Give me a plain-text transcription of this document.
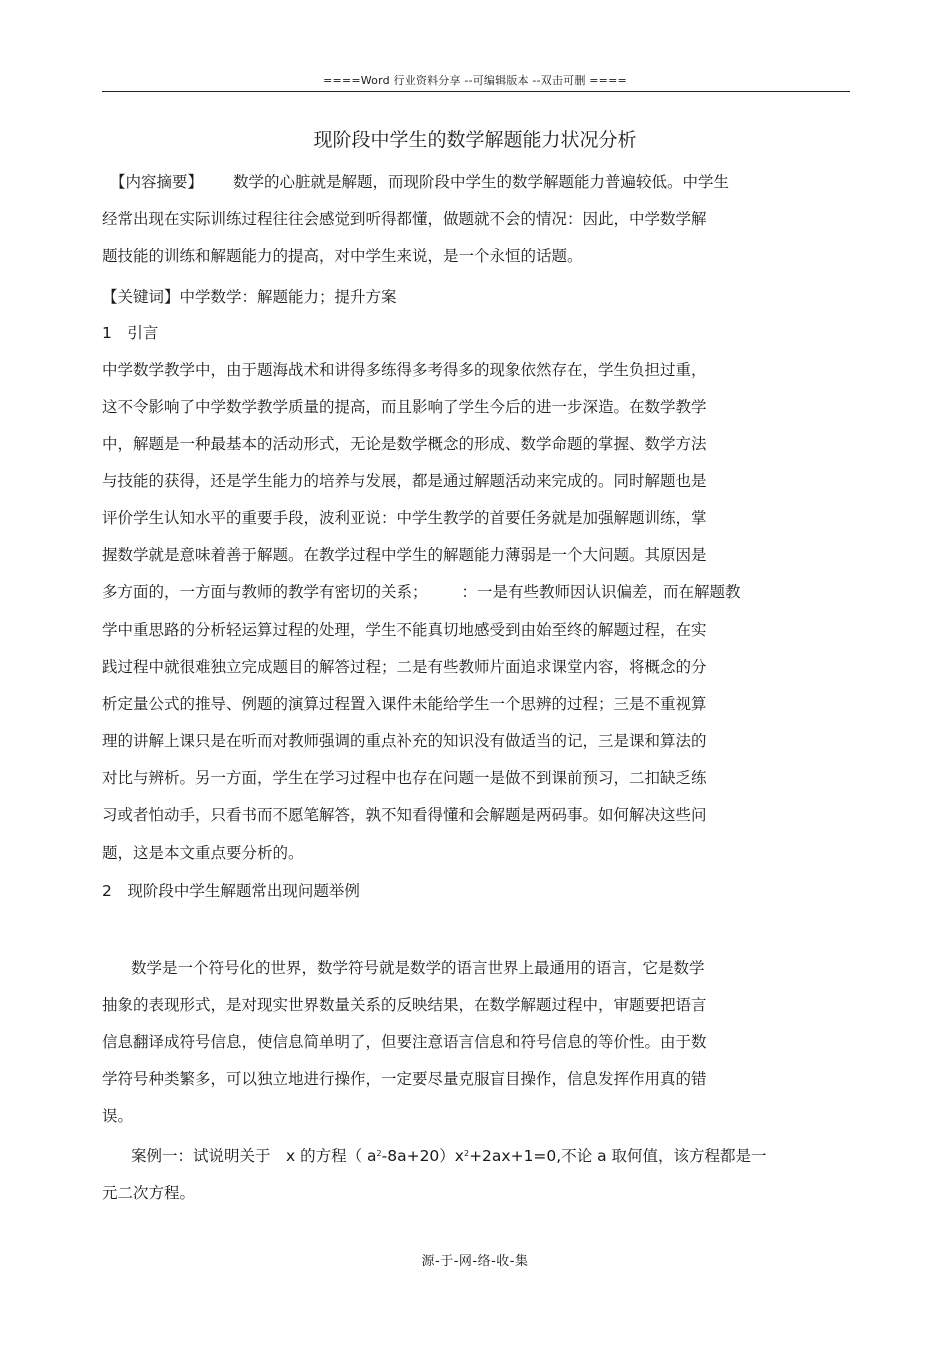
====Word 行业资料分享 --可编辑版本 --双击可删 ====
现阶段中学生的数学解题能力状况分析
【内容摘要】 数学的心脏就是解题，而现阶段中学生的数学解题能力普遍较低。中学生
经常出现在实际训练过程往往会感觉到听得都懂，做题就不会的情况：因此，中学数学解
题技能的训练和解题能力的提高，对中学生来说，是一个永恒的话题。
【关键词】中学数学：解题能力；提升方案
1　引言
中学数学教学中，由于题海战术和讲得多练得多考得多的现象依然存在，学生负担过重，
这不令影响了中学数学教学质量的提高，而且影响了学生今后的进一步深造。在数学教学
中，解题是一种最基本的活动形式，无论是数学概念的形成、数学命题的掌握、数学方法
与技能的获得，还是学生能力的培养与发展，都是通过解题活动来完成的。同时解题也是
评价学生认知水平的重要手段，波利亚说：中学生教学的首要任务就是加强解题训练，掌
握数学就是意味着善于解题。在教学过程中学生的解题能力薄弱是一个大问题。其原因是
多方面的，一方面与教师的教学有密切的关系； ：一是有些教师因认识偏差，而在解题教
学中重思路的分析轻运算过程的处理，学生不能真切地感受到由始至终的解题过程，在实
践过程中就很难独立完成题目的解答过程；二是有些教师片面追求课堂内容，将概念的分
析定量公式的推导、例题的演算过程置入课件未能给学生一个思辨的过程；三是不重视算
理的讲解上课只是在听而对教师强调的重点补充的知识没有做适当的记，三是课和算法的
对比与辨析。另一方面，学生在学习过程中也存在问题一是做不到课前预习，二扣缺乏练
习或者怕动手，只看书而不愿笔解答，孰不知看得懂和会解题是两码事。如何解决这些问
题，这是本文重点要分析的。
2　现阶段中学生解题常出现问题举例
数学是一个符号化的世界，数学符号就是数学的语言世界上最通用的语言，它是数学
抽象的表现形式，是对现实世界数量关系的反映结果，在数学解题过程中，审题要把语言
信息翻译成符号信息，使信息简单明了，但要注意语言信息和符号信息的等价性。由于数
学符号种类繁多，可以独立地进行操作，一定要尽量克服盲目操作，信息发挥作用真的错
误。
案例一：试说明关于　x 的方程（ $a^2-8a+20)x^2+2ax+1=0$,不论 a 取何值，该方程都是一
元二次方程。
源-于-网-络-收-集
